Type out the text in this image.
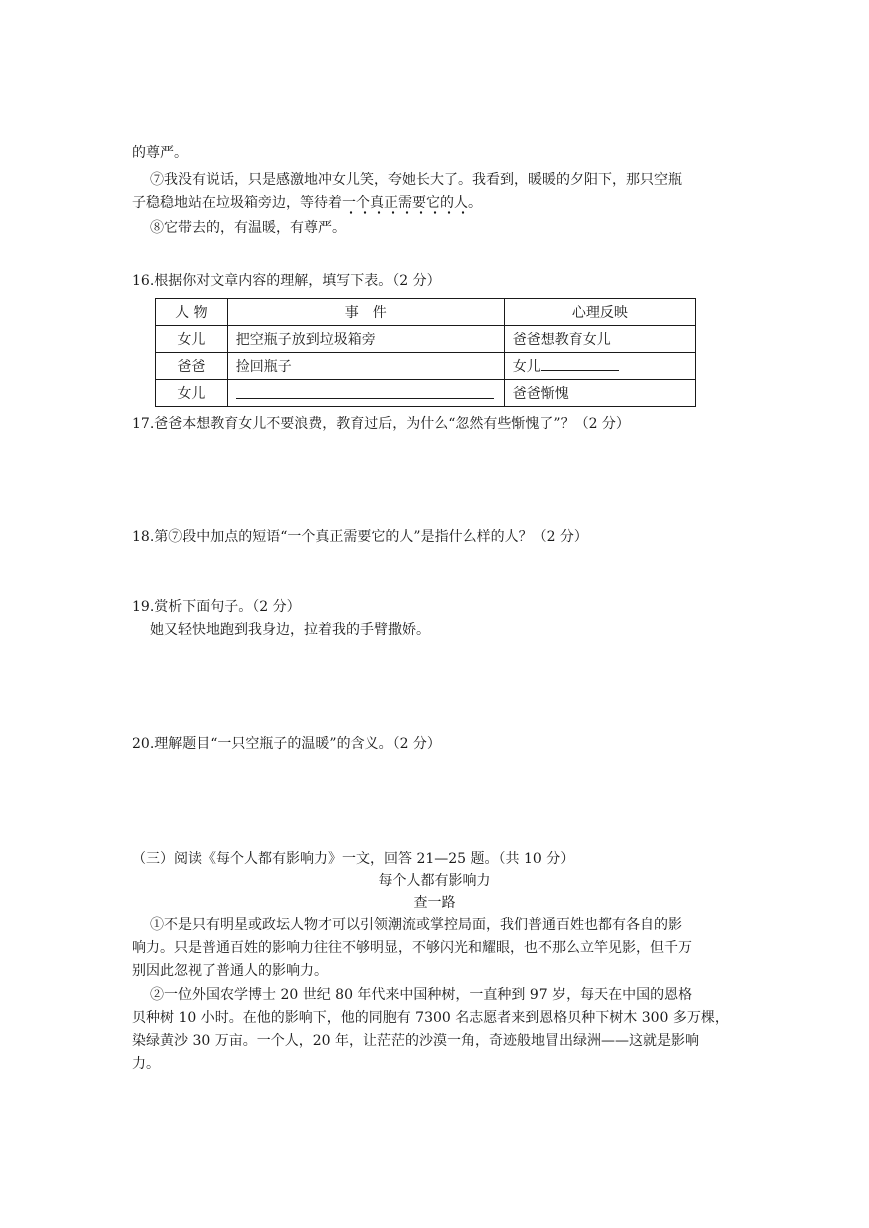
的尊严。
⑦我没有说话，只是感激地冲女儿笑，夸她长大了。我看到，暖暖的夕阳下，那只空瓶
子稳稳地站在垃圾箱旁边，等待着一个真正需要它的人。
⑧它带去的，有温暖，有尊严。
16.根据你对文章内容的理解，填写下表。（2 分）
人 物	事　件	心理反映
女儿	把空瓶子放到垃圾箱旁	爸爸想教育女儿
爸爸	捡回瓶子	女儿
女儿		爸爸惭愧
17.爸爸本想教育女儿不要浪费，教育过后，为什么“忽然有些惭愧了”？（2 分）
18.第⑦段中加点的短语“一个真正需要它的人”是指什么样的人？（2 分）
19.赏析下面句子。（2 分）
她又轻快地跑到我身边，拉着我的手臂撒娇。
20.理解题目“一只空瓶子的温暖”的含义。（2 分）
（三）阅读《每个人都有影响力》一文，回答 21—25 题。（共 10 分）
每个人都有影响力
查一路
①不是只有明星或政坛人物才可以引领潮流或掌控局面，我们普通百姓也都有各自的影
响力。只是普通百姓的影响力往往不够明显，不够闪光和耀眼，也不那么立竿见影，但千万
别因此忽视了普通人的影响力。
②一位外国农学博士 20 世纪 80 年代来中国种树，一直种到 97 岁，每天在中国的恩格
贝种树 10 小时。在他的影响下，他的同胞有 7300 名志愿者来到恩格贝种下树木 300 多万棵，
染绿黄沙 30 万亩。一个人，20 年，让茫茫的沙漠一角，奇迹般地冒出绿洲——这就是影响
力。
